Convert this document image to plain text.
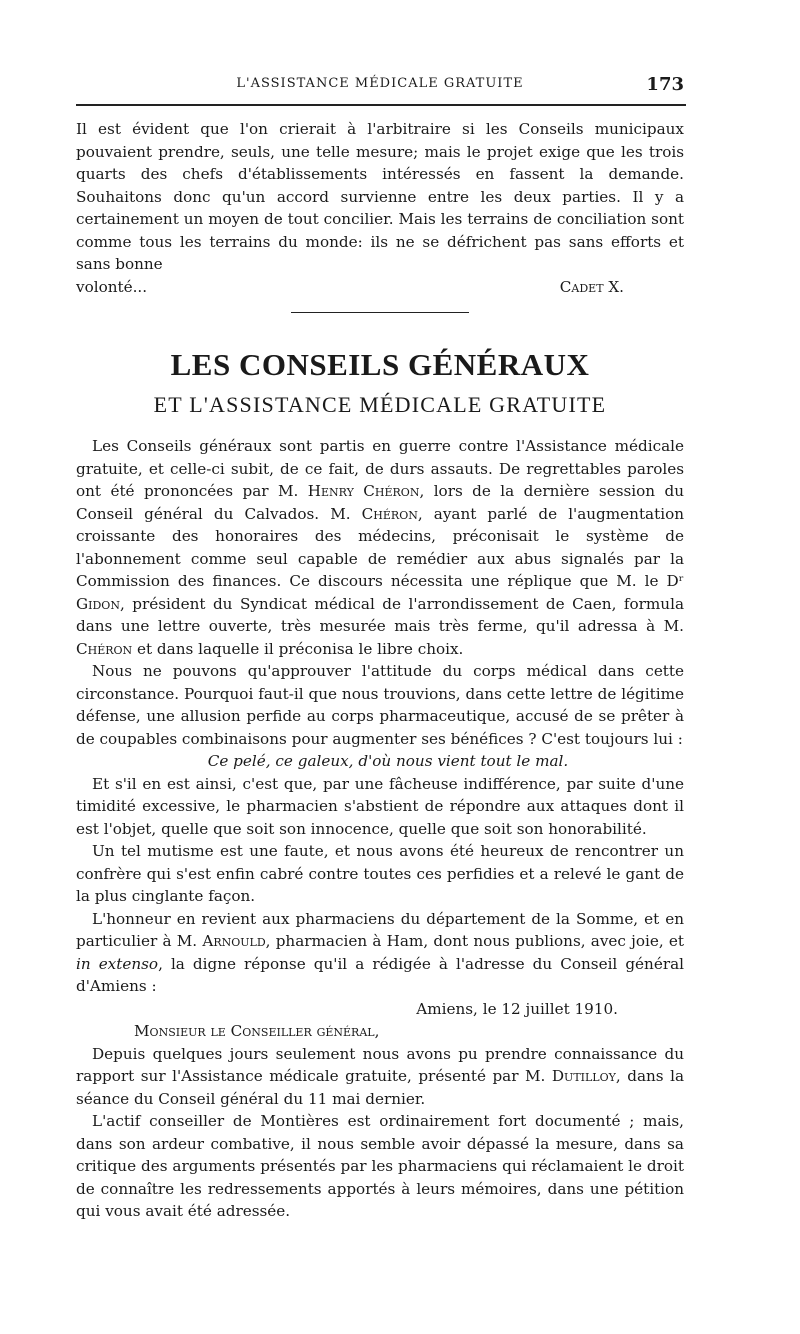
L'ASSISTANCE MÉDICALE GRATUITE	173

Il est évident que l'on crierait à l'arbitraire si les Conseils municipaux pouvaient prendre, seuls, une telle mesure; mais le projet exige que les trois quarts des chefs d'établissements intéressés en fassent la demande. Souhaitons donc qu'un accord survienne entre les deux parties. Il y a certainement un moyen de tout concilier. Mais les terrains de conciliation sont comme tous les terrains du monde: ils ne se défrichent pas sans efforts et sans bonne

volonté...	Cadet X.

LES CONSEILS GÉNÉRAUX
ET L'ASSISTANCE MÉDICALE GRATUITE

Les Conseils généraux sont partis en guerre contre l'Assistance médicale gratuite, et celle-ci subit, de ce fait, de durs assauts. De regrettables paroles ont été prononcées par M. Henry Chéron, lors de la dernière session du Conseil général du Calvados. M. Chéron, ayant parlé de l'augmentation croissante des honoraires des médecins, préconisait le système de l'abonnement comme seul capable de remédier aux abus signalés par la Commission des finances. Ce discours nécessita une réplique que M. le Dʳ Gidon, président du Syndicat médical de l'arrondissement de Caen, formula dans une lettre ouverte, très mesurée mais très ferme, qu'il adressa à M. Chéron et dans laquelle il préconisa le libre choix.

Nous ne pouvons qu'approuver l'attitude du corps médical dans cette circonstance. Pourquoi faut-il que nous trouvions, dans cette lettre de légitime défense, une allusion perfide au corps pharmaceutique, accusé de se prêter à de coupables combinaisons pour augmenter ses bénéfices ? C'est toujours lui :

Ce pelé, ce galeux, d'où nous vient tout le mal.

Et s'il en est ainsi, c'est que, par une fâcheuse indifférence, par suite d'une timidité excessive, le pharmacien s'abstient de répondre aux attaques dont il est l'objet, quelle que soit son innocence, quelle que soit son honorabilité.

Un tel mutisme est une faute, et nous avons été heureux de rencontrer un confrère qui s'est enfin cabré contre toutes ces perfidies et a relevé le gant de la plus cinglante façon.

L'honneur en revient aux pharmaciens du département de la Somme, et en particulier à M. Arnould, pharmacien à Ham, dont nous publions, avec joie, et in extenso, la digne réponse qu'il a rédigée à l'adresse du Conseil général d'Amiens :

Amiens, le 12 juillet 1910.

Monsieur le Conseiller général,

Depuis quelques jours seulement nous avons pu prendre connaissance du rapport sur l'Assistance médicale gratuite, présenté par M. Dutilloy, dans la séance du Conseil général du 11 mai dernier.

L'actif conseiller de Montières est ordinairement fort documenté ; mais, dans son ardeur combative, il nous semble avoir dépassé la mesure, dans sa critique des arguments présentés par les pharmaciens qui réclamaient le droit de connaître les redressements apportés à leurs mémoires, dans une pétition qui vous avait été adressée.
